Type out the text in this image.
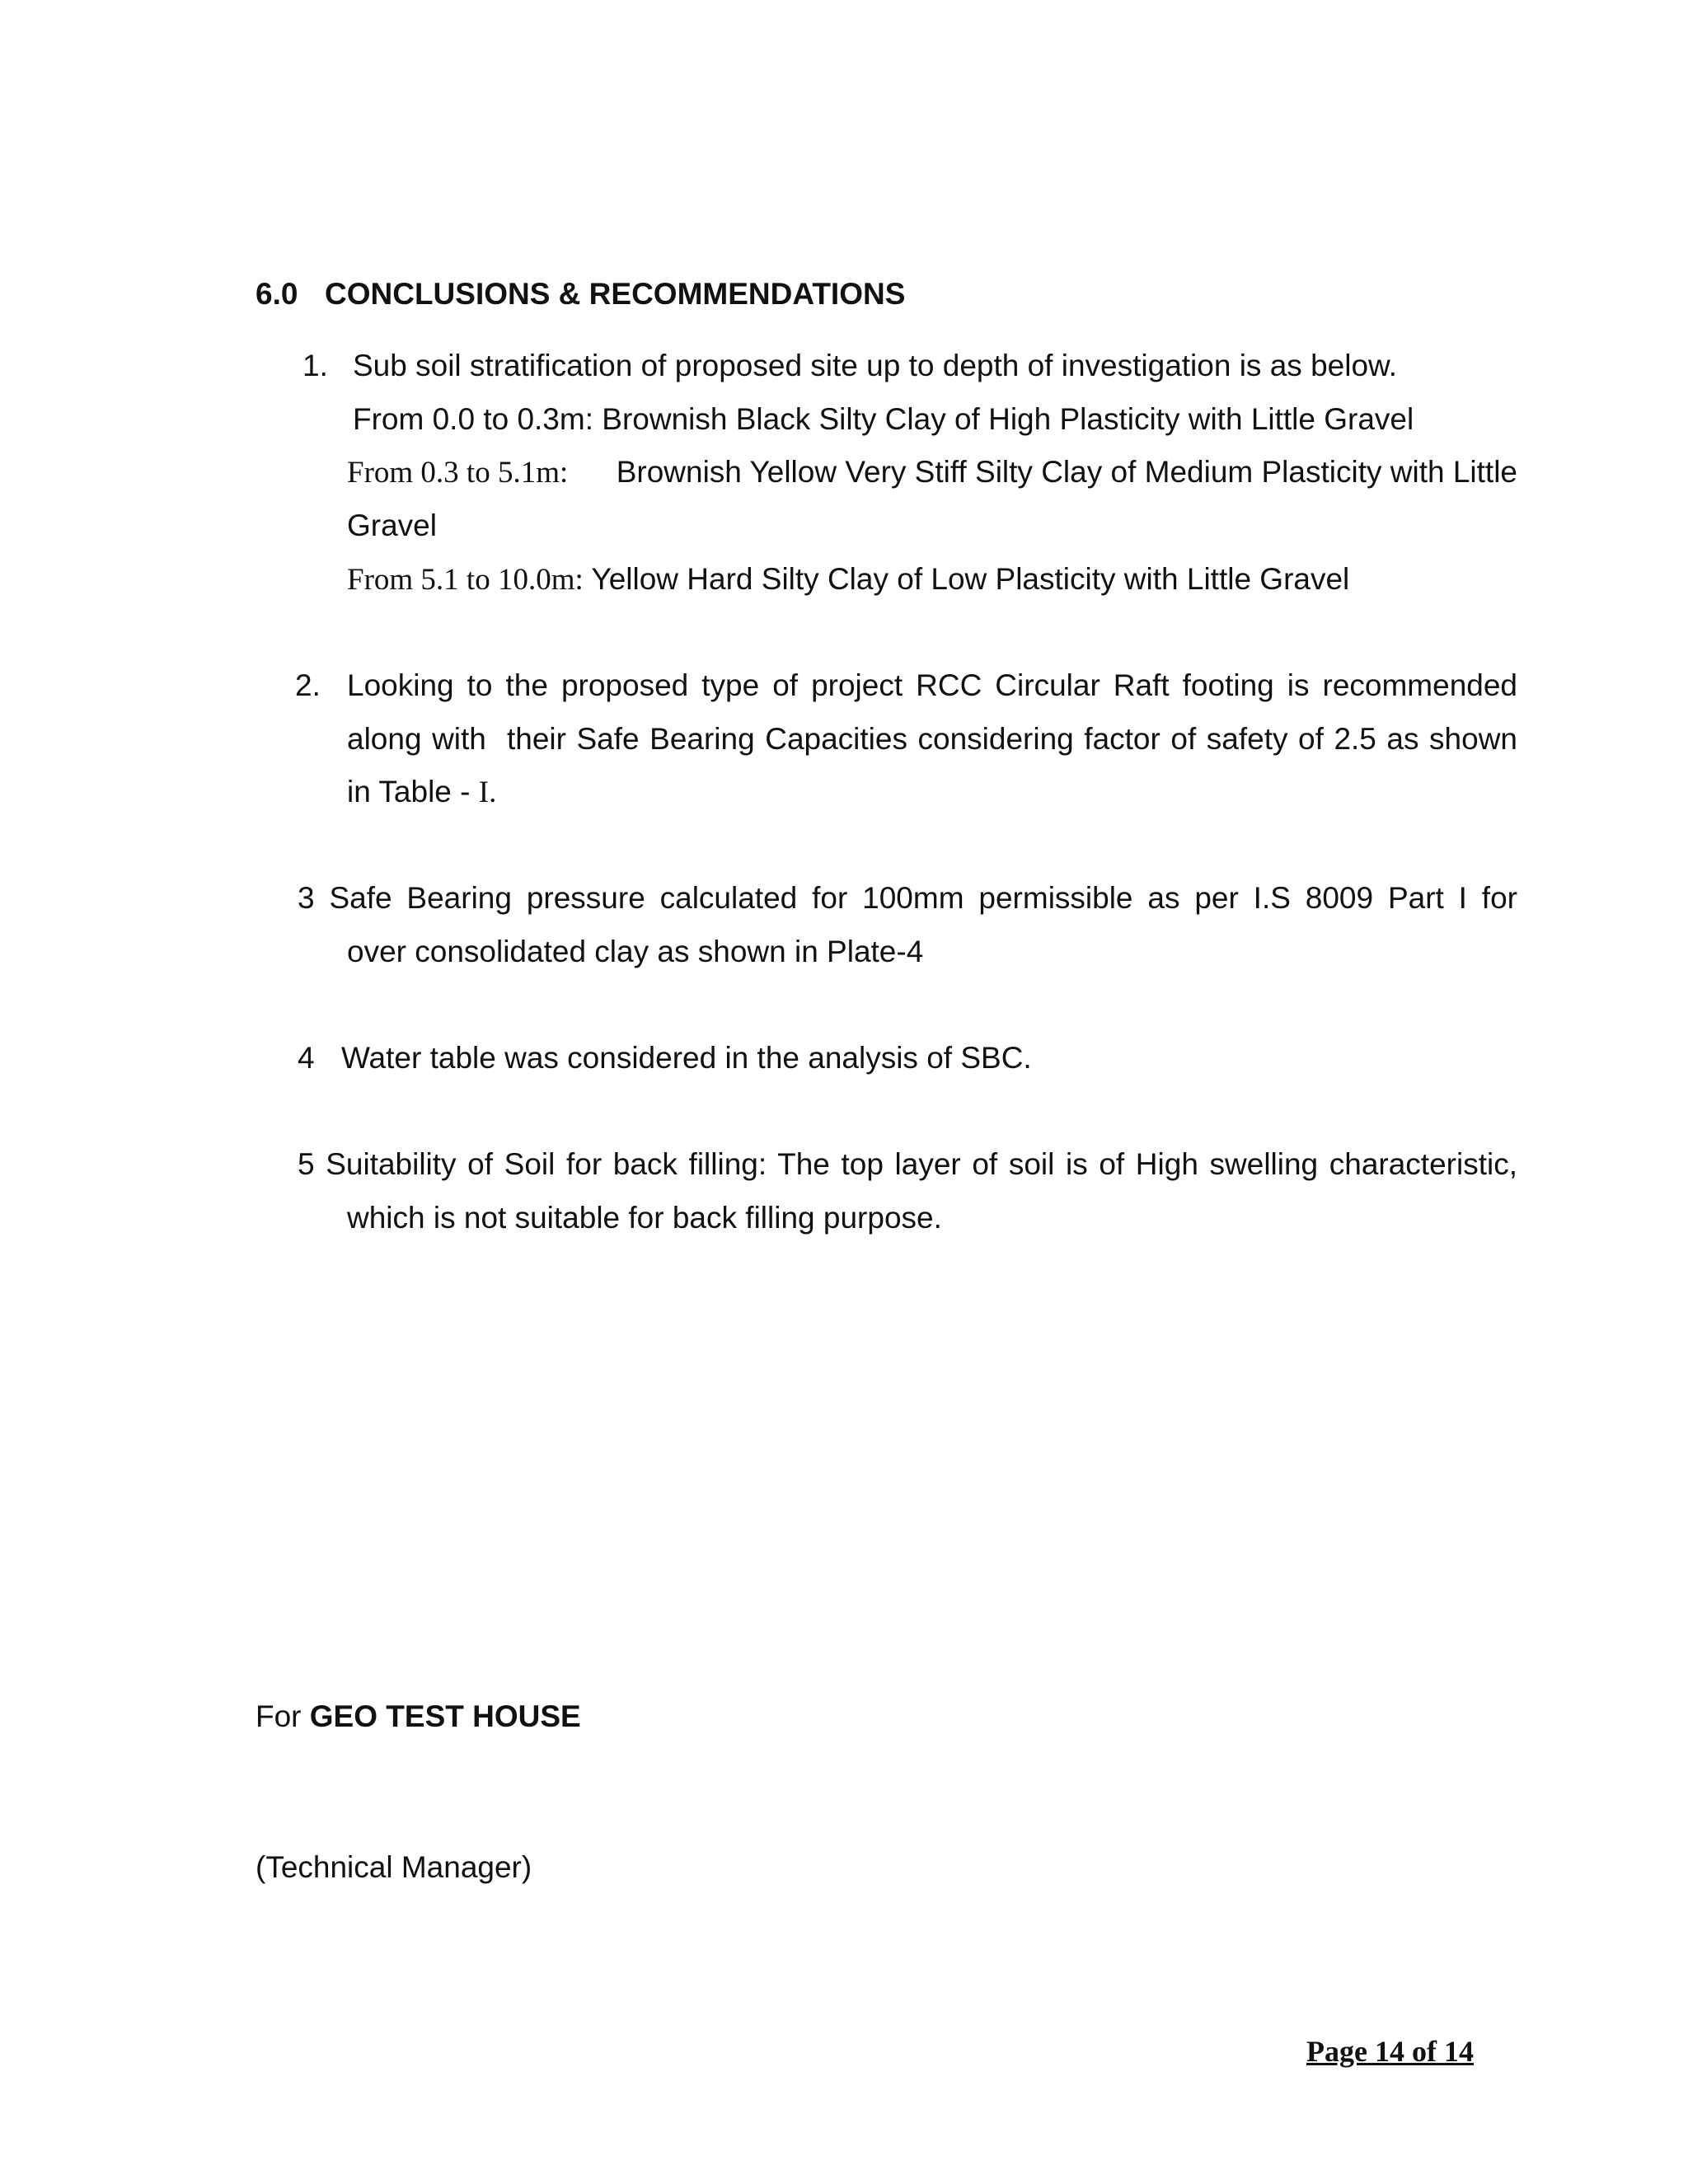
6.0 CONCLUSIONS & RECOMMENDATIONS
1. Sub soil stratification of proposed site up to depth of investigation is as below.
From 0.0 to 0.3m: Brownish Black Silty Clay of High Plasticity with Little Gravel
From 0.3 to 5.1m: Brownish Yellow Very Stiff Silty Clay of Medium Plasticity with Little
Gravel
From 5.1 to 10.0m: Yellow Hard Silty Clay of Low Plasticity with Little Gravel
2. Looking to the proposed type of project RCC Circular Raft footing is recommended
along with  their Safe Bearing Capacities considering factor of safety of 2.5 as shown
in Table - I.
3 Safe Bearing pressure calculated for 100mm permissible as per I.S 8009 Part I for
over consolidated clay as shown in Plate-4
4 Water table was considered in the analysis of SBC.
5 Suitability of Soil for back filling: The top layer of soil is of High swelling characteristic,
which is not suitable for back filling purpose.
For GEO TEST HOUSE
(Technical Manager)
Page 14 of 14
